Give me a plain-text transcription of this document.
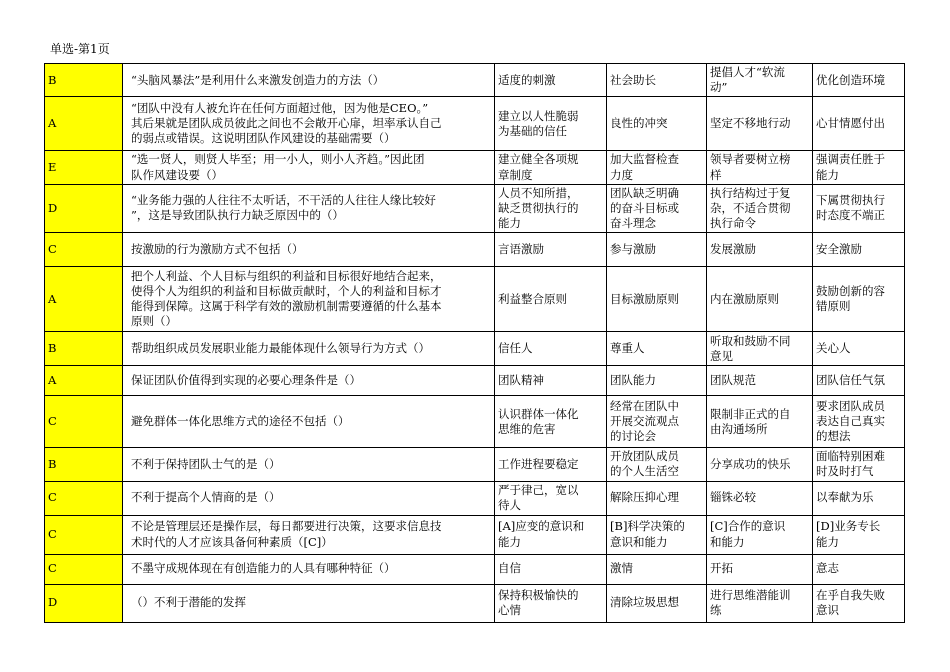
单选-第1页
B	“头脑风暴法”是利用什么来激发创造力的方法（）	适度的刺激	社会助长	提倡人才“软流
动”	优化创造环境
A	“团队中没有人被允许在任何方面超过他，因为他是CEO。”
其后果就是团队成员彼此之间也不会敞开心扉，坦率承认自己
的弱点或错误。这说明团队作风建设的基础需要（）	建立以人性脆弱
为基础的信任	良性的冲突	坚定不移地行动	心甘情愿付出
E	“选一贤人，则贤人毕至；用一小人，则小人齐趋。”因此团
队作风建设要（）	建立健全各项规
章制度	加大监督检查
力度	领导者要树立榜
样	强调责任胜于
能力
D	“业务能力强的人往往不太听话，不干活的人往往人缘比较好
”，这是导致团队执行力缺乏原因中的（）	人员不知所措，
缺乏贯彻执行的
能力	团队缺乏明确
的奋斗目标或
奋斗理念	执行结构过于复
杂，不适合贯彻
执行命令	下属贯彻执行
时态度不端正
C	按激励的行为激励方式不包括（）	言语激励	参与激励	发展激励	安全激励
A	把个人利益、个人目标与组织的利益和目标很好地结合起来，
使得个人为组织的利益和目标做贡献时，个人的利益和目标才
能得到保障。这属于科学有效的激励机制需要遵循的什么基本
原则（）	利益整合原则	目标激励原则	内在激励原则	鼓励创新的容
错原则
B	帮助组织成员发展职业能力最能体现什么领导行为方式（）	信任人	尊重人	听取和鼓励不同
意见	关心人
A	保证团队价值得到实现的必要心理条件是（）	团队精神	团队能力	团队规范	团队信任气氛
C	避免群体一体化思维方式的途径不包括（）	认识群体一体化
思维的危害	经常在团队中
开展交流观点
的讨论会	限制非正式的自
由沟通场所	要求团队成员
表达自己真实
的想法
B	不利于保持团队士气的是（）	工作进程要稳定	开放团队成员
的个人生活空	分享成功的快乐	面临特别困难
时及时打气
C	不利于提高个人情商的是（）	严于律己，宽以
待人	解除压抑心理	锱铢必较	以奉献为乐
C	不论是管理层还是操作层，每日都要进行决策，这要求信息技
术时代的人才应该具备何种素质（[C]）	[A]应变的意识和
能力	[B]科学决策的
意识和能力	[C]合作的意识
和能力	[D]业务专长
能力
C	不墨守成规体现在有创造能力的人具有哪种特征（）	自信	激情	开拓	意志
D	（）不利于潜能的发挥	保持积极愉快的
心情	清除垃圾思想	进行思维潜能训
练	在乎自我失败
意识
